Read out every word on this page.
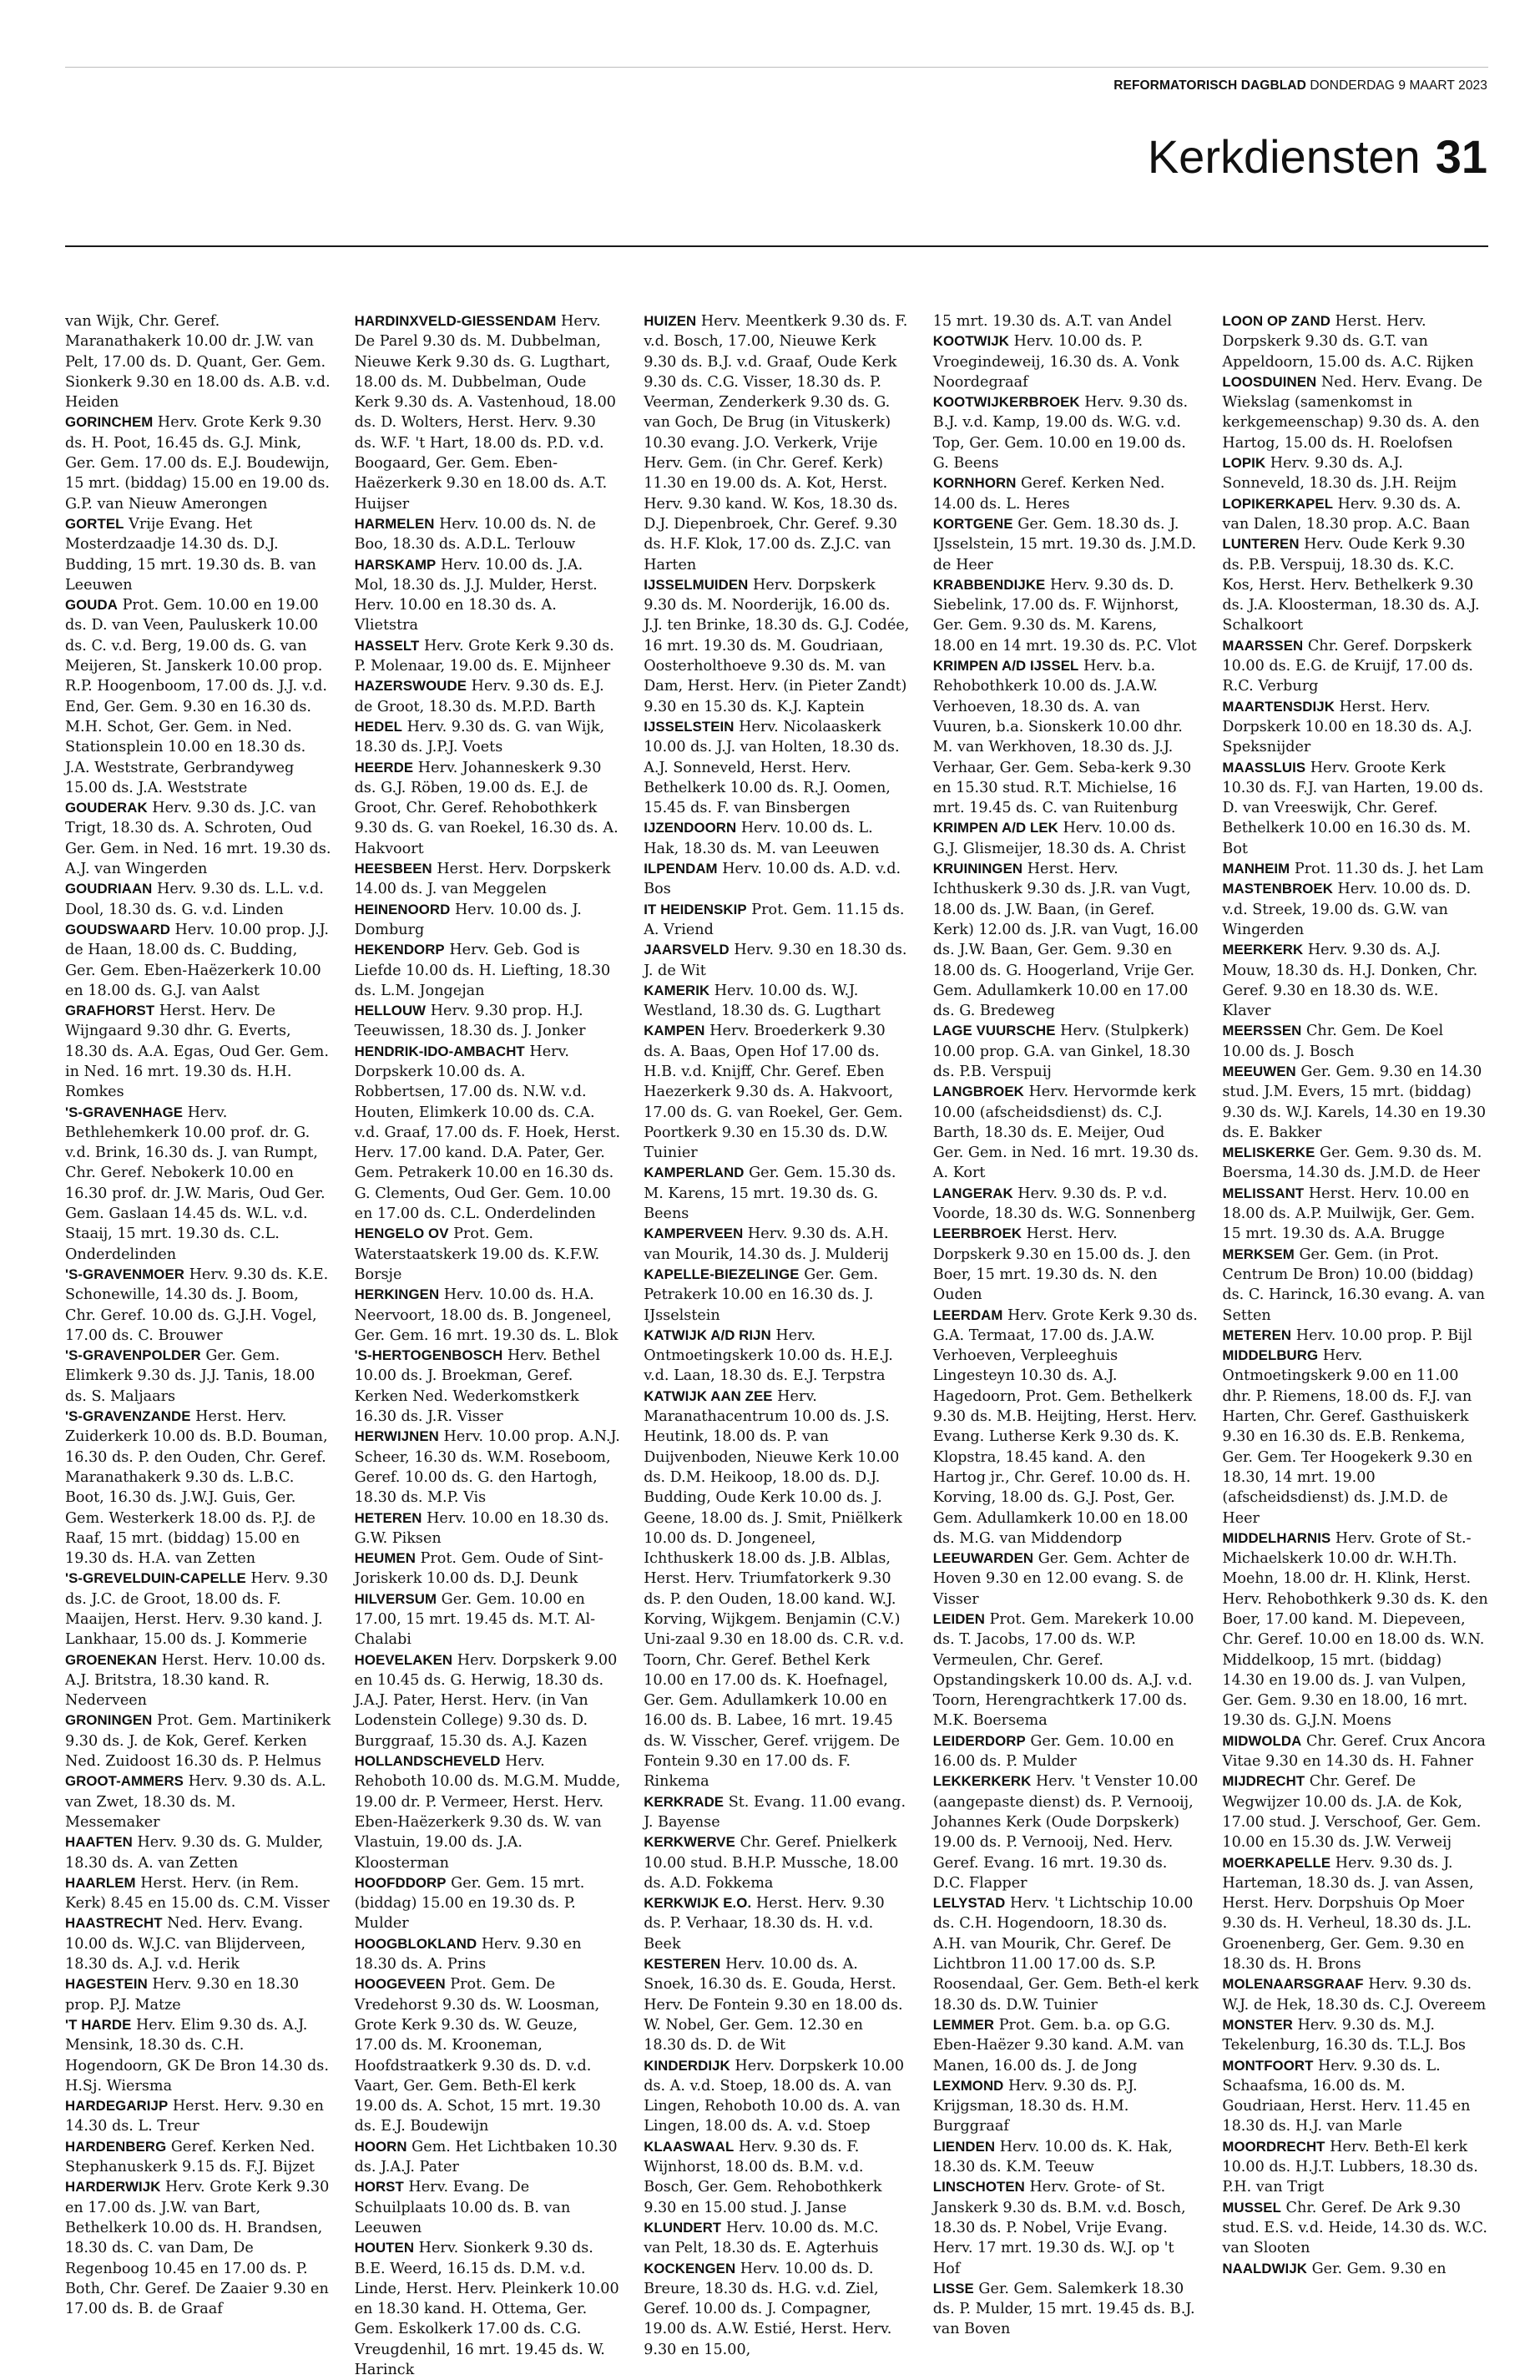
REFORMATORISCH DAGBLAD DONDERDAG 9 MAART 2023
Kerkdiensten 31

van Wijk, Chr. Geref. Maranathakerk 10.00 dr. J.W. van Pelt, 17.00 ds. D. Quant, Ger. Gem. Sionkerk 9.30 en 18.00 ds. A.B. v.d. Heiden

GORINCHEM Herv. Grote Kerk 9.30 ds. H. Poot, 16.45 ds. G.J. Mink, Ger. Gem. 17.00 ds. E.J. Boudewijn, 15 mrt. (biddag) 15.00 en 19.00 ds. G.P. van Nieuw Amerongen

GORTEL Vrije Evang. Het Mosterdzaadje 14.30 ds. D.J. Budding, 15 mrt. 19.30 ds. B. van Leeuwen

GOUDA Prot. Gem. 10.00 en 19.00 ds. D. van Veen, Pauluskerk 10.00 ds. C. v.d. Berg, 19.00 ds. G. van Meijeren, St. Janskerk 10.00 prop. R.P. Hoogenboom, 17.00 ds. J.J. v.d. End, Ger. Gem. 9.30 en 16.30 ds. M.H. Schot, Ger. Gem. in Ned. Stationsplein 10.00 en 18.30 ds. J.A. Weststrate, Gerbrandyweg 15.00 ds. J.A. Weststrate

GOUDERAK Herv. 9.30 ds. J.C. van Trigt, 18.30 ds. A. Schroten, Oud Ger. Gem. in Ned. 16 mrt. 19.30 ds. A.J. van Wingerden

GOUDRIAAN Herv. 9.30 ds. L.L. v.d. Dool, 18.30 ds. G. v.d. Linden

GOUDSWAARD Herv. 10.00 prop. J.J. de Haan, 18.00 ds. C. Budding, Ger. Gem. Eben-Haëzerkerk 10.00 en 18.00 ds. G.J. van Aalst

GRAFHORST Herst. Herv. De Wijngaard 9.30 dhr. G. Everts, 18.30 ds. A.A. Egas, Oud Ger. Gem. in Ned. 16 mrt. 19.30 ds. H.H. Romkes

'S-GRAVENHAGE Herv. Bethlehemkerk 10.00 prof. dr. G. v.d. Brink, 16.30 ds. J. van Rumpt, Chr. Geref. Nebokerk 10.00 en 16.30 prof. dr. J.W. Maris, Oud Ger. Gem. Gaslaan 14.45 ds. W.L. v.d. Staaij, 15 mrt. 19.30 ds. C.L. Onderdelinden

'S-GRAVENMOER Herv. 9.30 ds. K.E. Schonewille, 14.30 ds. J. Boom, Chr. Geref. 10.00 ds. G.J.H. Vogel, 17.00 ds. C. Brouwer

'S-GRAVENPOLDER Ger. Gem. Elimkerk 9.30 ds. J.J. Tanis, 18.00 ds. S. Maljaars

'S-GRAVENZANDE Herst. Herv. Zuiderkerk 10.00 ds. B.D. Bouman, 16.30 ds. P. den Ouden, Chr. Geref. Maranathakerk 9.30 ds. L.B.C. Boot, 16.30 ds. J.W.J. Guis, Ger. Gem. Westerkerk 18.00 ds. P.J. de Raaf, 15 mrt. (biddag) 15.00 en 19.30 ds. H.A. van Zetten

'S-GREVELDUIN-CAPELLE Herv. 9.30 ds. J.C. de Groot, 18.00 ds. F. Maaijen, Herst. Herv. 9.30 kand. J. Lankhaar, 15.00 ds. J. Kommerie

GROENEKAN Herst. Herv. 10.00 ds. A.J. Britstra, 18.30 kand. R. Nederveen

GRONINGEN Prot. Gem. Martinikerk 9.30 ds. J. de Kok, Geref. Kerken Ned. Zuidoost 16.30 ds. P. Helmus

GROOT-AMMERS Herv. 9.30 ds. A.L. van Zwet, 18.30 ds. M. Messemaker

HAAFTEN Herv. 9.30 ds. G. Mulder, 18.30 ds. A. van Zetten

HAARLEM Herst. Herv. (in Rem. Kerk) 8.45 en 15.00 ds. C.M. Visser

HAASTRECHT Ned. Herv. Evang. 10.00 ds. W.J.C. van Blijderveen, 18.30 ds. A.J. v.d. Herik

HAGESTEIN Herv. 9.30 en 18.30 prop. P.J. Matze

'T HARDE Herv. Elim 9.30 ds. A.J. Mensink, 18.30 ds. C.H. Hogendoorn, GK De Bron 14.30 ds. H.Sj. Wiersma

HARDEGARIJP Herst. Herv. 9.30 en 14.30 ds. L. Treur

HARDENBERG Geref. Kerken Ned. Stephanuskerk 9.15 ds. F.J. Bijzet

HARDERWIJK Herv. Grote Kerk 9.30 en 17.00 ds. J.W. van Bart, Bethelkerk 10.00 ds. H. Brandsen, 18.30 ds. C. van Dam, De Regenboog 10.45 en 17.00 ds. P. Both, Chr. Geref. De Zaaier 9.30 en 17.00 ds. B. de Graaf

HARDINXVELD-GIESSENDAM Herv. De Parel 9.30 ds. M. Dubbelman, Nieuwe Kerk 9.30 ds. G. Lugthart, 18.00 ds. M. Dubbelman, Oude Kerk 9.30 ds. A. Vastenhoud, 18.00 ds. D. Wolters, Herst. Herv. 9.30 ds. W.F. 't Hart, 18.00 ds. P.D. v.d. Boogaard, Ger. Gem. Eben-Haëzerkerk 9.30 en 18.00 ds. A.T. Huijser

HARMELEN Herv. 10.00 ds. N. de Boo, 18.30 ds. A.D.L. Terlouw

HARSKAMP Herv. 10.00 ds. J.A. Mol, 18.30 ds. J.J. Mulder, Herst. Herv. 10.00 en 18.30 ds. A. Vlietstra

HASSELT Herv. Grote Kerk 9.30 ds. P. Molenaar, 19.00 ds. E. Mijnheer

HAZERSWOUDE Herv. 9.30 ds. E.J. de Groot, 18.30 ds. M.P.D. Barth

HEDEL Herv. 9.30 ds. G. van Wijk, 18.30 ds. J.P.J. Voets

HEERDE Herv. Johanneskerk 9.30 ds. G.J. Röben, 19.00 ds. E.J. de Groot, Chr. Geref. Rehobothkerk 9.30 ds. G. van Roekel, 16.30 ds. A. Hakvoort

HEESBEEN Herst. Herv. Dorpskerk 14.00 ds. J. van Meggelen

HEINENOORD Herv. 10.00 ds. J. Domburg

HEKENDORP Herv. Geb. God is Liefde 10.00 ds. H. Liefting, 18.30 ds. L.M. Jongejan

HELLOUW Herv. 9.30 prop. H.J. Teeuwissen, 18.30 ds. J. Jonker

HENDRIK-IDO-AMBACHT Herv. Dorpskerk 10.00 ds. A. Robbertsen, 17.00 ds. N.W. v.d. Houten, Elimkerk 10.00 ds. C.A. v.d. Graaf, 17.00 ds. F. Hoek, Herst. Herv. 17.00 kand. D.A. Pater, Ger. Gem. Petrakerk 10.00 en 16.30 ds. G. Clements, Oud Ger. Gem. 10.00 en 17.00 ds. C.L. Onderdelinden

HENGELO OV Prot. Gem. Waterstaatskerk 19.00 ds. K.F.W. Borsje

HERKINGEN Herv. 10.00 ds. H.A. Neervoort, 18.00 ds. B. Jongeneel, Ger. Gem. 16 mrt. 19.30 ds. L. Blok

'S-HERTOGENBOSCH Herv. Bethel 10.00 ds. J. Broekman, Geref. Kerken Ned. Wederkomstkerk 16.30 ds. J.R. Visser

HERWIJNEN Herv. 10.00 prop. A.N.J. Scheer, 16.30 ds. W.M. Roseboom, Geref. 10.00 ds. G. den Hartogh, 18.30 ds. M.P. Vis

HETEREN Herv. 10.00 en 18.30 ds. G.W. Piksen

HEUMEN Prot. Gem. Oude of Sint-Joriskerk 10.00 ds. D.J. Deunk

HILVERSUM Ger. Gem. 10.00 en 17.00, 15 mrt. 19.45 ds. M.T. Al-Chalabi

HOEVELAKEN Herv. Dorpskerk 9.00 en 10.45 ds. G. Herwig, 18.30 ds. J.A.J. Pater, Herst. Herv. (in Van Lodenstein College) 9.30 ds. D. Burggraaf, 15.30 ds. A.J. Kazen

HOLLANDSCHEVELD Herv. Rehoboth 10.00 ds. M.G.M. Mudde, 19.00 dr. P. Vermeer, Herst. Herv. Eben-Haëzerkerk 9.30 ds. W. van Vlastuin, 19.00 ds. J.A. Kloosterman

HOOFDDORP Ger. Gem. 15 mrt. (biddag) 15.00 en 19.30 ds. P. Mulder

HOOGBLOKLAND Herv. 9.30 en 18.30 ds. A. Prins

HOOGEVEEN Prot. Gem. De Vredehorst 9.30 ds. W. Loosman, Grote Kerk 9.30 ds. W. Geuze, 17.00 ds. M. Krooneman, Hoofdstraatkerk 9.30 ds. D. v.d. Vaart, Ger. Gem. Beth-El kerk 19.00 ds. A. Schot, 15 mrt. 19.30 ds. E.J. Boudewijn

HOORN Gem. Het Lichtbaken 10.30 ds. J.A.J. Pater

HORST Herv. Evang. De Schuilplaats 10.00 ds. B. van Leeuwen

HOUTEN Herv. Sionkerk 9.30 ds. B.E. Weerd, 16.15 ds. D.M. v.d. Linde, Herst. Herv. Pleinkerk 10.00 en 18.30 kand. H. Ottema, Ger. Gem. Eskolkerk 17.00 ds. C.G. Vreugdenhil, 16 mrt. 19.45 ds. W. Harinck

HUIZEN Herv. Meentkerk 9.30 ds. F. v.d. Bosch, 17.00, Nieuwe Kerk 9.30 ds. B.J. v.d. Graaf, Oude Kerk 9.30 ds. C.G. Visser, 18.30 ds. P. Veerman, Zenderkerk 9.30 ds. G. van Goch, De Brug (in Vituskerk) 10.30 evang. J.O. Verkerk, Vrije Herv. Gem. (in Chr. Geref. Kerk) 11.30 en 19.00 ds. A. Kot, Herst. Herv. 9.30 kand. W. Kos, 18.30 ds. D.J. Diepenbroek, Chr. Geref. 9.30 ds. H.F. Klok, 17.00 ds. Z.J.C. van Harten

IJSSELMUIDEN Herv. Dorpskerk 9.30 ds. M. Noorderijk, 16.00 ds. J.J. ten Brinke, 18.30 ds. G.J. Codée, 16 mrt. 19.30 ds. M. Goudriaan, Oosterholthoeve 9.30 ds. M. van Dam, Herst. Herv. (in Pieter Zandt) 9.30 en 15.30 ds. K.J. Kaptein

IJSSELSTEIN Herv. Nicolaaskerk 10.00 ds. J.J. van Holten, 18.30 ds. A.J. Sonneveld, Herst. Herv. Bethelkerk 10.00 ds. R.J. Oomen, 15.45 ds. F. van Binsbergen

IJZENDOORN Herv. 10.00 ds. L. Hak, 18.30 ds. M. van Leeuwen

ILPENDAM Herv. 10.00 ds. A.D. v.d. Bos

IT HEIDENSKIP Prot. Gem. 11.15 ds. A. Vriend

JAARSVELD Herv. 9.30 en 18.30 ds. J. de Wit

KAMERIK Herv. 10.00 ds. W.J. Westland, 18.30 ds. G. Lugthart

KAMPEN Herv. Broederkerk 9.30 ds. A. Baas, Open Hof 17.00 ds. H.B. v.d. Knijff, Chr. Geref. Eben Haezerkerk 9.30 ds. A. Hakvoort, 17.00 ds. G. van Roekel, Ger. Gem. Poortkerk 9.30 en 15.30 ds. D.W. Tuinier

KAMPERLAND Ger. Gem. 15.30 ds. M. Karens, 15 mrt. 19.30 ds. G. Beens

KAMPERVEEN Herv. 9.30 ds. A.H. van Mourik, 14.30 ds. J. Mulderij

KAPELLE-BIEZELINGE Ger. Gem. Petrakerk 10.00 en 16.30 ds. J. IJsselstein

KATWIJK A/D RIJN Herv. Ontmoetingskerk 10.00 ds. H.E.J. v.d. Laan, 18.30 ds. E.J. Terpstra

KATWIJK AAN ZEE Herv. Maranathacentrum 10.00 ds. J.S. Heutink, 18.00 ds. P. van Duijvenboden, Nieuwe Kerk 10.00 ds. D.M. Heikoop, 18.00 ds. D.J. Budding, Oude Kerk 10.00 ds. J. Geene, 18.00 ds. J. Smit, Pniëlkerk 10.00 ds. D. Jongeneel, Ichthuskerk 18.00 ds. J.B. Alblas, Herst. Herv. Triumfatorkerk 9.30 ds. P. den Ouden, 18.00 kand. W.J. Korving, Wijkgem. Benjamin (C.V.) Uni-zaal 9.30 en 18.00 ds. C.R. v.d. Toorn, Chr. Geref. Bethel Kerk 10.00 en 17.00 ds. K. Hoefnagel, Ger. Gem. Adullamkerk 10.00 en 16.00 ds. B. Labee, 16 mrt. 19.45 ds. W. Visscher, Geref. vrijgem. De Fontein 9.30 en 17.00 ds. F. Rinkema

KERKRADE St. Evang. 11.00 evang. J. Bayense

KERKWERVE Chr. Geref. Pnielkerk 10.00 stud. B.H.P. Mussche, 18.00 ds. A.D. Fokkema

KERKWIJK E.O. Herst. Herv. 9.30 ds. P. Verhaar, 18.30 ds. H. v.d. Beek

KESTEREN Herv. 10.00 ds. A. Snoek, 16.30 ds. E. Gouda, Herst. Herv. De Fontein 9.30 en 18.00 ds. W. Nobel, Ger. Gem. 12.30 en 18.30 ds. D. de Wit

KINDERDIJK Herv. Dorpskerk 10.00 ds. A. v.d. Stoep, 18.00 ds. A. van Lingen, Rehoboth 10.00 ds. A. van Lingen, 18.00 ds. A. v.d. Stoep

KLAASWAAL Herv. 9.30 ds. F. Wijnhorst, 18.00 ds. B.M. v.d. Bosch, Ger. Gem. Rehobothkerk 9.30 en 15.00 stud. J. Janse

KLUNDERT Herv. 10.00 ds. M.C. van Pelt, 18.30 ds. E. Agterhuis

KOCKENGEN Herv. 10.00 ds. D. Breure, 18.30 ds. H.G. v.d. Ziel, Geref. 10.00 ds. J. Compagner, 19.00 ds. A.W. Estié, Herst. Herv. 9.30 en 15.00,

15 mrt. 19.30 ds. A.T. van Andel

KOOTWIJK Herv. 10.00 ds. P. Vroegindeweij, 16.30 ds. A. Vonk Noordegraaf

KOOTWIJKERBROEK Herv. 9.30 ds. B.J. v.d. Kamp, 19.00 ds. W.G. v.d. Top, Ger. Gem. 10.00 en 19.00 ds. G. Beens

KORNHORN Geref. Kerken Ned. 14.00 ds. L. Heres

KORTGENE Ger. Gem. 18.30 ds. J. IJsselstein, 15 mrt. 19.30 ds. J.M.D. de Heer

KRABBENDIJKE Herv. 9.30 ds. D. Siebelink, 17.00 ds. F. Wijnhorst, Ger. Gem. 9.30 ds. M. Karens, 18.00 en 14 mrt. 19.30 ds. P.C. Vlot

KRIMPEN A/D IJSSEL Herv. b.a. Rehobothkerk 10.00 ds. J.A.W. Verhoeven, 18.30 ds. A. van Vuuren, b.a. Sionskerk 10.00 dhr. M. van Werkhoven, 18.30 ds. J.J. Verhaar, Ger. Gem. Seba-kerk 9.30 en 15.30 stud. R.T. Michielse, 16 mrt. 19.45 ds. C. van Ruitenburg

KRIMPEN A/D LEK Herv. 10.00 ds. G.J. Glismeijer, 18.30 ds. A. Christ

KRUININGEN Herst. Herv. Ichthuskerk 9.30 ds. J.R. van Vugt, 18.00 ds. J.W. Baan, (in Geref. Kerk) 12.00 ds. J.R. van Vugt, 16.00 ds. J.W. Baan, Ger. Gem. 9.30 en 18.00 ds. G. Hoogerland, Vrije Ger. Gem. Adullamkerk 10.00 en 17.00 ds. G. Bredeweg

LAGE VUURSCHE Herv. (Stulpkerk) 10.00 prop. G.A. van Ginkel, 18.30 ds. P.B. Verspuij

LANGBROEK Herv. Hervormde kerk 10.00 (afscheidsdienst) ds. C.J. Barth, 18.30 ds. E. Meijer, Oud Ger. Gem. in Ned. 16 mrt. 19.30 ds. A. Kort

LANGERAK Herv. 9.30 ds. P. v.d. Voorde, 18.30 ds. W.G. Sonnenberg

LEERBROEK Herst. Herv. Dorpskerk 9.30 en 15.00 ds. J. den Boer, 15 mrt. 19.30 ds. N. den Ouden

LEERDAM Herv. Grote Kerk 9.30 ds. G.A. Termaat, 17.00 ds. J.A.W. Verhoeven, Verpleeghuis Lingesteyn 10.30 ds. A.J. Hagedoorn, Prot. Gem. Bethelkerk 9.30 ds. M.B. Heijting, Herst. Herv. Evang. Lutherse Kerk 9.30 ds. K. Klopstra, 18.45 kand. A. den Hartog jr., Chr. Geref. 10.00 ds. H. Korving, 18.00 ds. G.J. Post, Ger. Gem. Adullamkerk 10.00 en 18.00 ds. M.G. van Middendorp

LEEUWARDEN Ger. Gem. Achter de Hoven 9.30 en 12.00 evang. S. de Visser

LEIDEN Prot. Gem. Marekerk 10.00 ds. T. Jacobs, 17.00 ds. W.P. Vermeulen, Chr. Geref. Opstandingskerk 10.00 ds. A.J. v.d. Toorn, Herengrachtkerk 17.00 ds. M.K. Boersema

LEIDERDORP Ger. Gem. 10.00 en 16.00 ds. P. Mulder

LEKKERKERK Herv. 't Venster 10.00 (aangepaste dienst) ds. P. Vernooij, Johannes Kerk (Oude Dorpskerk) 19.00 ds. P. Vernooij, Ned. Herv. Geref. Evang. 16 mrt. 19.30 ds. D.C. Flapper

LELYSTAD Herv. 't Lichtschip 10.00 ds. C.H. Hogendoorn, 18.30 ds. A.H. van Mourik, Chr. Geref. De Lichtbron 11.00 17.00 ds. S.P. Roosendaal, Ger. Gem. Beth-el kerk 18.30 ds. D.W. Tuinier

LEMMER Prot. Gem. b.a. op G.G. Eben-Haëzer 9.30 kand. A.M. van Manen, 16.00 ds. J. de Jong

LEXMOND Herv. 9.30 ds. P.J. Krijgsman, 18.30 ds. H.M. Burggraaf

LIENDEN Herv. 10.00 ds. K. Hak, 18.30 ds. K.M. Teeuw

LINSCHOTEN Herv. Grote- of St. Janskerk 9.30 ds. B.M. v.d. Bosch, 18.30 ds. P. Nobel, Vrije Evang. Herv. 17 mrt. 19.30 ds. W.J. op 't Hof

LISSE Ger. Gem. Salemkerk 18.30 ds. P. Mulder, 15 mrt. 19.45 ds. B.J. van Boven

LOON OP ZAND Herst. Herv. Dorpskerk 9.30 ds. G.T. van Appeldoorn, 15.00 ds. A.C. Rijken

LOOSDUINEN Ned. Herv. Evang. De Wiekslag (samenkomst in kerkgemeenschap) 9.30 ds. A. den Hartog, 15.00 ds. H. Roelofsen

LOPIK Herv. 9.30 ds. A.J. Sonneveld, 18.30 ds. J.H. Reijm

LOPIKERKAPEL Herv. 9.30 ds. A. van Dalen, 18.30 prop. A.C. Baan

LUNTEREN Herv. Oude Kerk 9.30 ds. P.B. Verspuij, 18.30 ds. K.C. Kos, Herst. Herv. Bethelkerk 9.30 ds. J.A. Kloosterman, 18.30 ds. A.J. Schalkoort

MAARSSEN Chr. Geref. Dorpskerk 10.00 ds. E.G. de Kruijf, 17.00 ds. R.C. Verburg

MAARTENSDIJK Herst. Herv. Dorpskerk 10.00 en 18.30 ds. A.J. Speksnijder

MAASSLUIS Herv. Groote Kerk 10.30 ds. F.J. van Harten, 19.00 ds. D. van Vreeswijk, Chr. Geref. Bethelkerk 10.00 en 16.30 ds. M. Bot

MANHEIM Prot. 11.30 ds. J. het Lam

MASTENBROEK Herv. 10.00 ds. D. v.d. Streek, 19.00 ds. G.W. van Wingerden

MEERKERK Herv. 9.30 ds. A.J. Mouw, 18.30 ds. H.J. Donken, Chr. Geref. 9.30 en 18.30 ds. W.E. Klaver

MEERSSEN Chr. Gem. De Koel 10.00 ds. J. Bosch

MEEUWEN Ger. Gem. 9.30 en 14.30 stud. J.M. Evers, 15 mrt. (biddag) 9.30 ds. W.J. Karels, 14.30 en 19.30 ds. E. Bakker

MELISKERKE Ger. Gem. 9.30 ds. M. Boersma, 14.30 ds. J.M.D. de Heer

MELISSANT Herst. Herv. 10.00 en 18.00 ds. A.P. Muilwijk, Ger. Gem. 15 mrt. 19.30 ds. A.A. Brugge

MERKSEM Ger. Gem. (in Prot. Centrum De Bron) 10.00 (biddag) ds. C. Harinck, 16.30 evang. A. van Setten

METEREN Herv. 10.00 prop. P. Bijl

MIDDELBURG Herv. Ontmoetingskerk 9.00 en 11.00 dhr. P. Riemens, 18.00 ds. F.J. van Harten, Chr. Geref. Gasthuiskerk 9.30 en 16.30 ds. E.B. Renkema, Ger. Gem. Ter Hoogekerk 9.30 en 18.30, 14 mrt. 19.00 (afscheidsdienst) ds. J.M.D. de Heer

MIDDELHARNIS Herv. Grote of St.-Michaelskerk 10.00 dr. W.H.Th. Moehn, 18.00 dr. H. Klink, Herst. Herv. Rehobothkerk 9.30 ds. K. den Boer, 17.00 kand. M. Diepeveen, Chr. Geref. 10.00 en 18.00 ds. W.N. Middelkoop, 15 mrt. (biddag) 14.30 en 19.00 ds. J. van Vulpen, Ger. Gem. 9.30 en 18.00, 16 mrt. 19.30 ds. G.J.N. Moens

MIDWOLDA Chr. Geref. Crux Ancora Vitae 9.30 en 14.30 ds. H. Fahner

MIJDRECHT Chr. Geref. De Wegwijzer 10.00 ds. J.A. de Kok, 17.00 stud. J. Verschoof, Ger. Gem. 10.00 en 15.30 ds. J.W. Verweij

MOERKAPELLE Herv. 9.30 ds. J. Harteman, 18.30 ds. J. van Assen, Herst. Herv. Dorpshuis Op Moer 9.30 ds. H. Verheul, 18.30 ds. J.L. Groenenberg, Ger. Gem. 9.30 en 18.30 ds. H. Brons

MOLENAARSGRAAF Herv. 9.30 ds. W.J. de Hek, 18.30 ds. C.J. Overeem

MONSTER Herv. 9.30 ds. M.J. Tekelenburg, 16.30 ds. T.L.J. Bos

MONTFOORT Herv. 9.30 ds. L. Schaafsma, 16.00 ds. M. Goudriaan, Herst. Herv. 11.45 en 18.30 ds. H.J. van Marle

MOORDRECHT Herv. Beth-El kerk 10.00 ds. H.J.T. Lubbers, 18.30 ds. P.H. van Trigt

MUSSEL Chr. Geref. De Ark 9.30 stud. E.S. v.d. Heide, 14.30 ds. W.C. van Slooten

NAALDWIJK Ger. Gem. 9.30 en
